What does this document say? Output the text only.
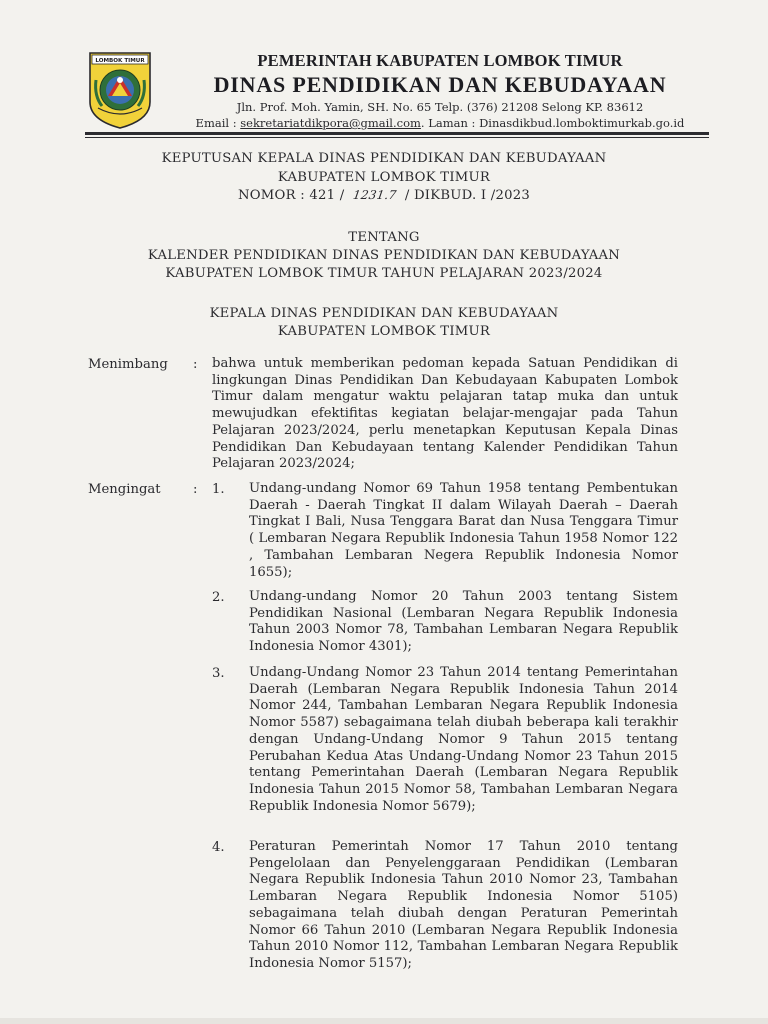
LOMBOK TIMUR	PEMERINTAH KABUPATEN LOMBOK TIMUR
DINAS PENDIDIKAN DAN KEBUDAYAAN
Jln. Prof. Moh. Yamin, SH. No. 65 Telp. (376) 21208 Selong KP. 83612
Email : sekretariatdikpora@gmail.com. Laman : Dinasdikbud.lomboktimurkab.go.id
KEPUTUSAN KEPALA DINAS PENDIDIKAN DAN KEBUDAYAAN
KABUPATEN LOMBOK TIMUR
NOMOR : 421 / 1231.7 / DIKBUD. I /2023
TENTANG
KALENDER PENDIDIKAN DINAS PENDIDIKAN DAN KEBUDAYAAN
KABUPATEN LOMBOK TIMUR TAHUN PELAJARAN 2023/2024
KEPALA DINAS PENDIDIKAN DAN KEBUDAYAAN
KABUPATEN LOMBOK TIMUR
Menimbang : bahwa untuk memberikan pedoman kepada Satuan Pendidikan di lingkungan Dinas Pendidikan Dan Kebudayaan Kabupaten Lombok Timur dalam mengatur waktu pelajaran tatap muka dan untuk mewujudkan efektifitas kegiatan belajar-mengajar pada Tahun Pelajaran 2023/2024, perlu menetapkan Keputusan Kepala Dinas Pendidikan Dan Kebudayaan tentang Kalender Pendidikan Tahun Pelajaran 2023/2024;

Mengingat : 1. Undang-undang Nomor 69 Tahun 1958 tentang Pembentukan Daerah - Daerah Tingkat II dalam Wilayah Daerah – Daerah Tingkat I Bali, Nusa Tenggara Barat dan Nusa Tenggara Timur ( Lembaran Negara Republik Indonesia Tahun 1958 Nomor 122 , Tambahan Lembaran Negera Republik Indonesia Nomor 1655);

2. Undang-undang Nomor 20 Tahun 2003 tentang Sistem Pendidikan Nasional (Lembaran Negara Republik Indonesia Tahun 2003 Nomor 78, Tambahan Lembaran Negara Republik Indonesia Nomor 4301);

3. Undang-Undang Nomor 23 Tahun 2014 tentang Pemerintahan Daerah (Lembaran Negara Republik Indonesia Tahun 2014 Nomor 244, Tambahan Lembaran Negara Republik Indonesia Nomor 5587) sebagaimana telah diubah beberapa kali terakhir dengan Undang-Undang Nomor 9 Tahun 2015 tentang Perubahan Kedua Atas Undang-Undang Nomor 23 Tahun 2015 tentang Pemerintahan Daerah (Lembaran Negara Republik Indonesia Tahun 2015 Nomor 58, Tambahan Lembaran Negara Republik Indonesia Nomor 5679);

4. Peraturan Pemerintah Nomor 17 Tahun 2010 tentang Pengelolaan dan Penyelenggaraan Pendidikan (Lembaran Negara Republik Indonesia Tahun 2010 Nomor 23, Tambahan Lembaran Negara Republik Indonesia Nomor 5105) sebagaimana telah diubah dengan Peraturan Pemerintah Nomor 66 Tahun 2010 (Lembaran Negara Republik Indonesia Tahun 2010 Nomor 112, Tambahan Lembaran Negara Republik Indonesia Nomor 5157);
